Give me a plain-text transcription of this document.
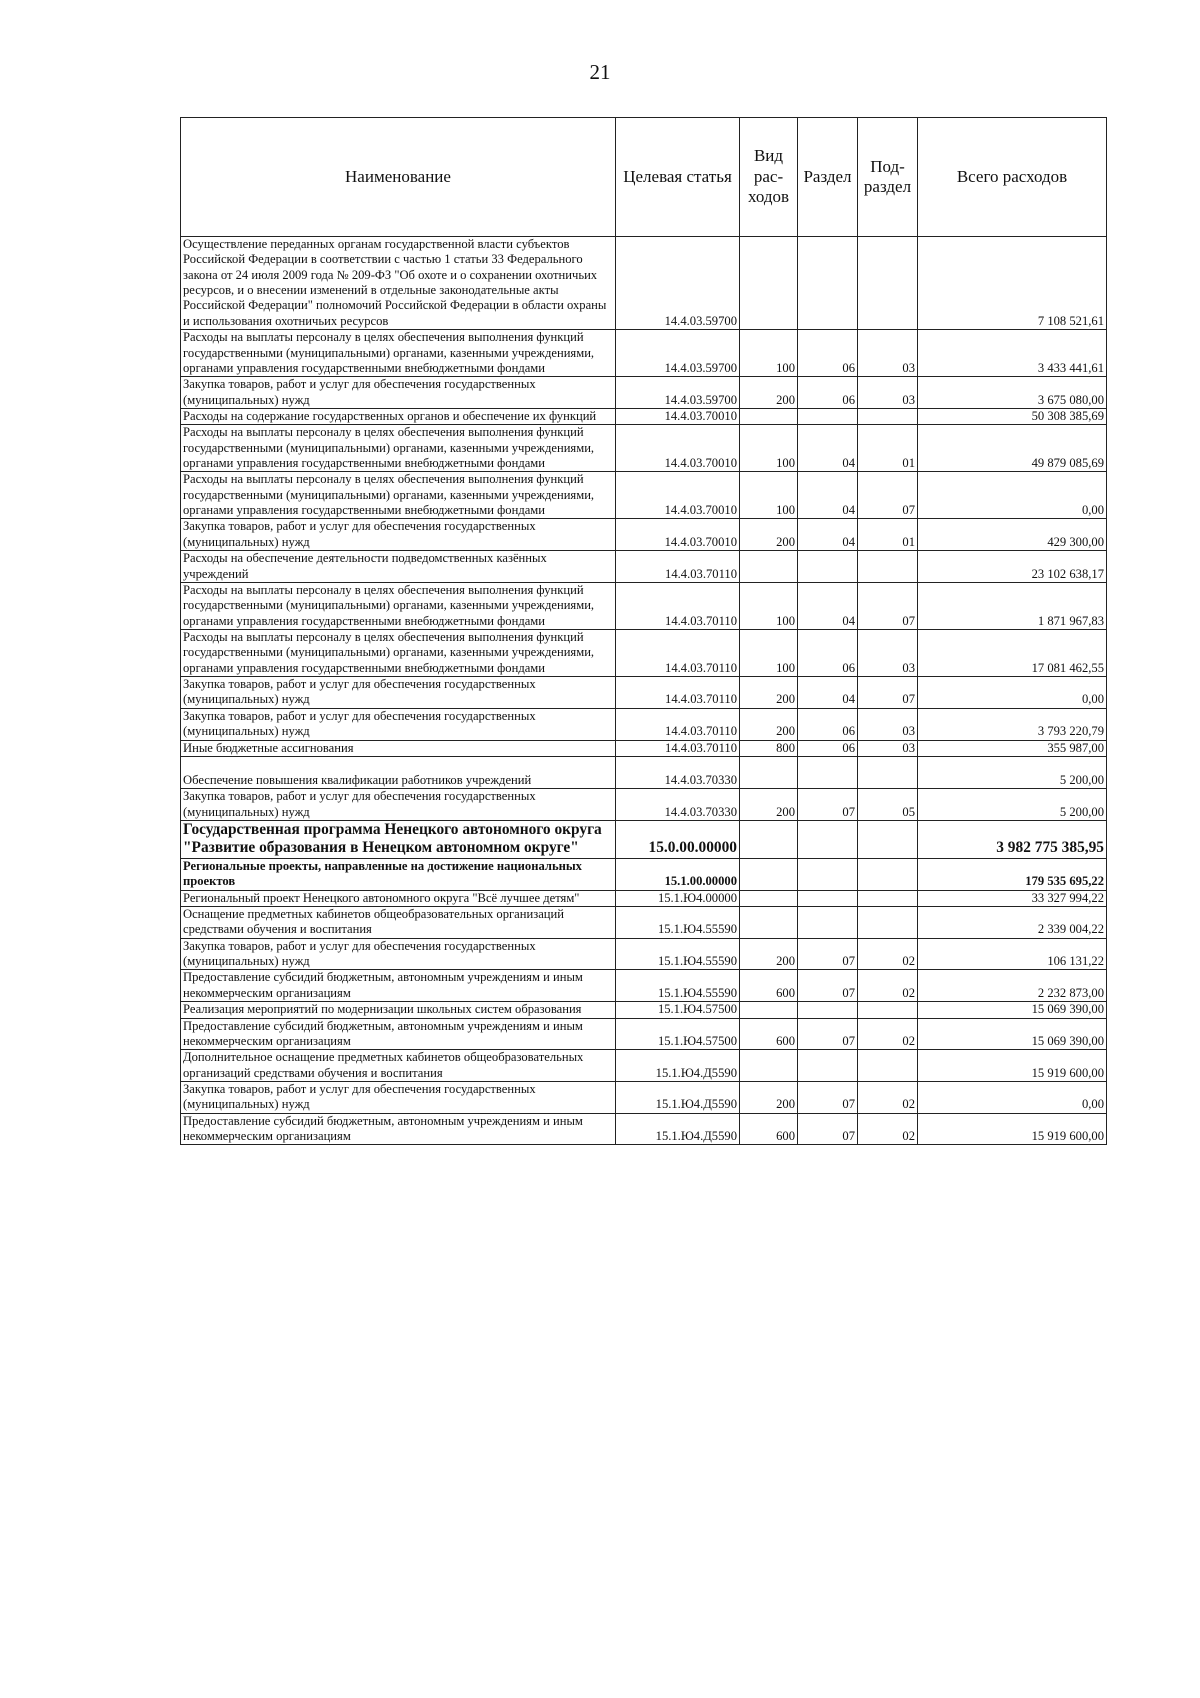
21
Наименование	Целевая статья	Вид рас- ходов	Раздел	Под- раздел	Всего расходов
Осуществление переданных органам государственной власти субъектов Российской Федерации в соответствии с частью 1 статьи 33 Федерального закона от 24 июля 2009 года № 209-ФЗ "Об охоте и о сохранении охотничьих ресурсов, и о внесении изменений в отдельные законодательные акты Российской Федерации" полномочий Российской Федерации в области охраны и использования охотничьих ресурсов	14.4.03.59700				7 108 521,61
Расходы на выплаты персоналу в целях обеспечения выполнения функций государственными (муниципальными) органами, казенными учреждениями, органами управления государственными внебюджетными фондами	14.4.03.59700	100	06	03	3 433 441,61
Закупка товаров, работ и услуг для обеспечения государственных (муниципальных) нужд	14.4.03.59700	200	06	03	3 675 080,00
Расходы на содержание государственных органов и обеспечение их функций	14.4.03.70010				50 308 385,69
Расходы на выплаты персоналу в целях обеспечения выполнения функций государственными (муниципальными) органами, казенными учреждениями, органами управления государственными внебюджетными фондами	14.4.03.70010	100	04	01	49 879 085,69
Расходы на выплаты персоналу в целях обеспечения выполнения функций государственными (муниципальными) органами, казенными учреждениями, органами управления государственными внебюджетными фондами	14.4.03.70010	100	04	07	0,00
Закупка товаров, работ и услуг для обеспечения государственных (муниципальных) нужд	14.4.03.70010	200	04	01	429 300,00
Расходы на обеспечение деятельности подведомственных казённых учреждений	14.4.03.70110				23 102 638,17
Расходы на выплаты персоналу в целях обеспечения выполнения функций государственными (муниципальными) органами, казенными учреждениями, органами управления государственными внебюджетными фондами	14.4.03.70110	100	04	07	1 871 967,83
Расходы на выплаты персоналу в целях обеспечения выполнения функций государственными (муниципальными) органами, казенными учреждениями, органами управления государственными внебюджетными фондами	14.4.03.70110	100	06	03	17 081 462,55
Закупка товаров, работ и услуг для обеспечения государственных (муниципальных) нужд	14.4.03.70110	200	04	07	0,00
Закупка товаров, работ и услуг для обеспечения государственных (муниципальных) нужд	14.4.03.70110	200	06	03	3 793 220,79
Иные бюджетные ассигнования	14.4.03.70110	800	06	03	355 987,00
Обеспечение повышения квалификации работников учреждений	14.4.03.70330				5 200,00
Закупка товаров, работ и услуг для обеспечения государственных (муниципальных) нужд	14.4.03.70330	200	07	05	5 200,00
Государственная программа Ненецкого автономного округа "Развитие образования в Ненецком автономном округе"	15.0.00.00000				3 982 775 385,95
Региональные проекты, направленные на достижение национальных проектов	15.1.00.00000				179 535 695,22
Региональный проект Ненецкого автономного округа "Всё лучшее детям"	15.1.Ю4.00000				33 327 994,22
Оснащение предметных кабинетов общеобразовательных организаций средствами обучения и воспитания	15.1.Ю4.55590				2 339 004,22
Закупка товаров, работ и услуг для обеспечения государственных (муниципальных) нужд	15.1.Ю4.55590	200	07	02	106 131,22
Предоставление субсидий бюджетным, автономным учреждениям и иным некоммерческим организациям	15.1.Ю4.55590	600	07	02	2 232 873,00
Реализация мероприятий по модернизации школьных систем образования	15.1.Ю4.57500				15 069 390,00
Предоставление субсидий бюджетным, автономным учреждениям и иным некоммерческим организациям	15.1.Ю4.57500	600	07	02	15 069 390,00
Дополнительное оснащение предметных кабинетов общеобразовательных организаций средствами обучения и воспитания	15.1.Ю4.Д5590				15 919 600,00
Закупка товаров, работ и услуг для обеспечения государственных (муниципальных) нужд	15.1.Ю4.Д5590	200	07	02	0,00
Предоставление субсидий бюджетным, автономным учреждениям и иным некоммерческим организациям	15.1.Ю4.Д5590	600	07	02	15 919 600,00
